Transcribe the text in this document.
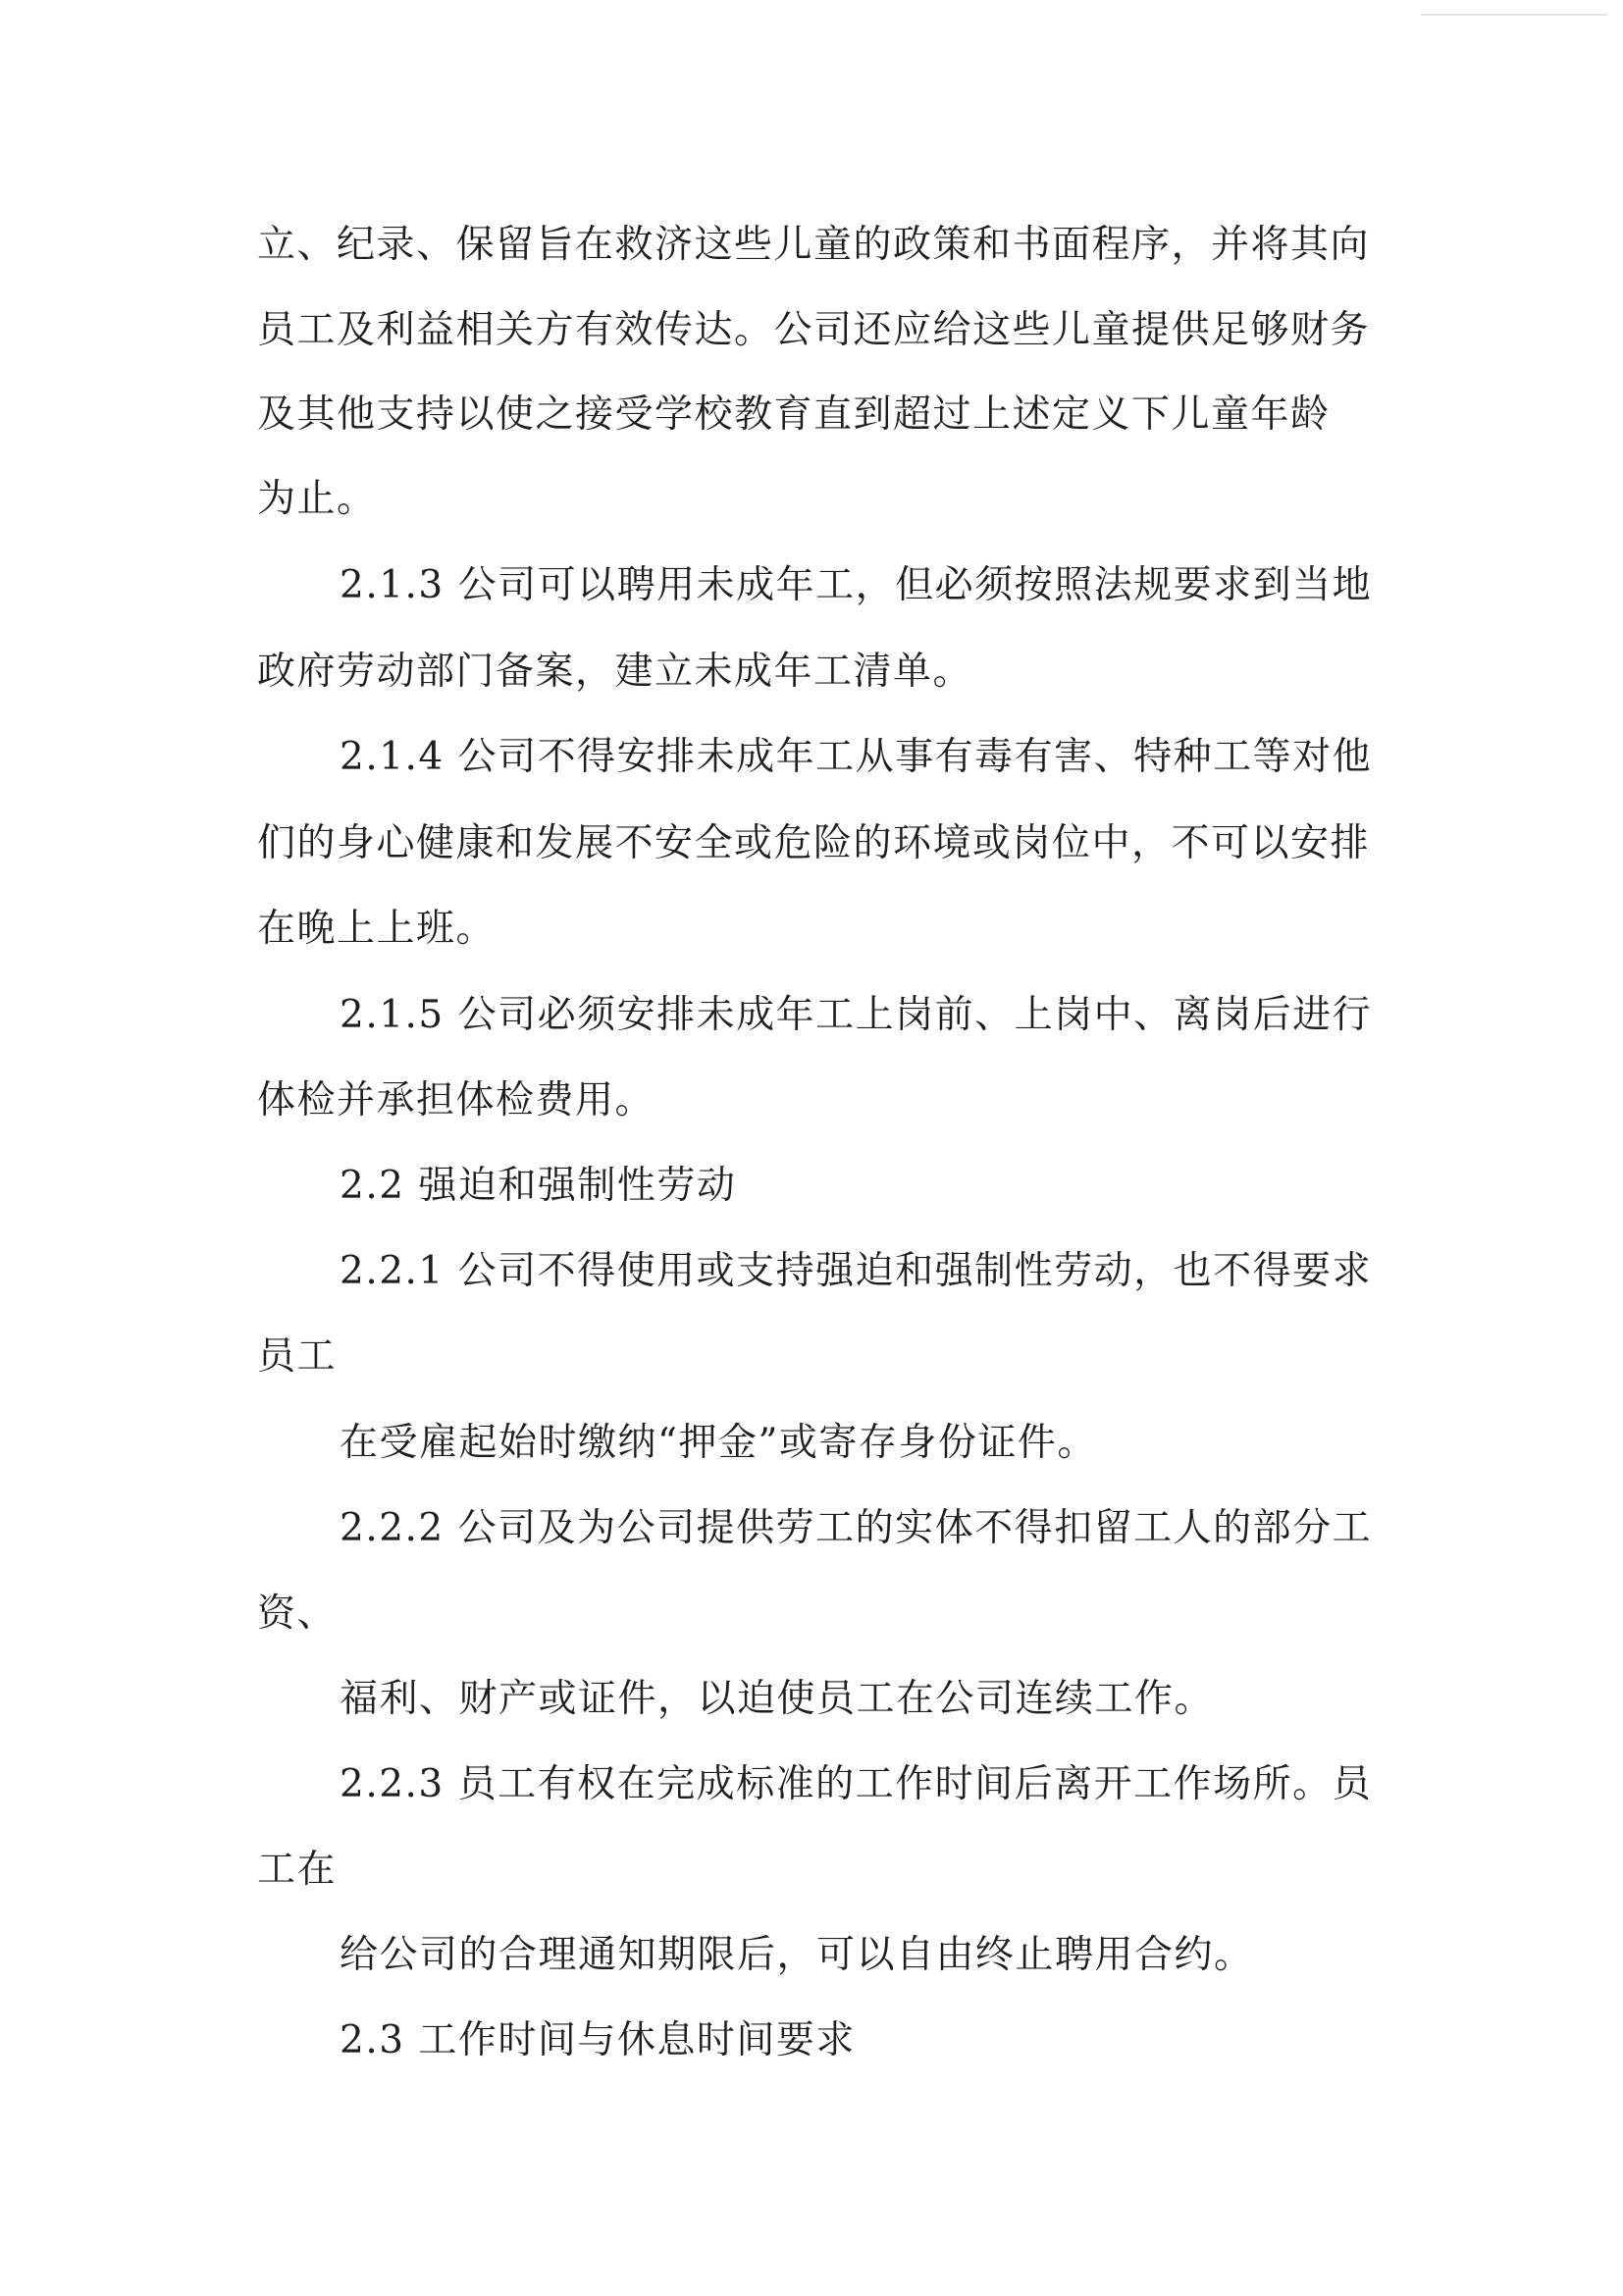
立、纪录、保留旨在救济这些儿童的政策和书面程序，并将其向
员工及利益相关方有效传达。公司还应给这些儿童提供足够财务
及其他支持以使之接受学校教育直到超过上述定义下儿童年龄
为止。
2.1.3 公司可以聘用未成年工，但必须按照法规要求到当地
政府劳动部门备案，建立未成年工清单。
2.1.4 公司不得安排未成年工从事有毒有害、特种工等对他
们的身心健康和发展不安全或危险的环境或岗位中，不可以安排
在晚上上班。
2.1.5 公司必须安排未成年工上岗前、上岗中、离岗后进行
体检并承担体检费用。
2.2 强迫和强制性劳动
2.2.1 公司不得使用或支持强迫和强制性劳动，也不得要求
员工
在受雇起始时缴纳“押金”或寄存身份证件。
2.2.2 公司及为公司提供劳工的实体不得扣留工人的部分工
资、
福利、财产或证件，以迫使员工在公司连续工作。
2.2.3 员工有权在完成标准的工作时间后离开工作场所。员
工在
给公司的合理通知期限后，可以自由终止聘用合约。
2.3 工作时间与休息时间要求
